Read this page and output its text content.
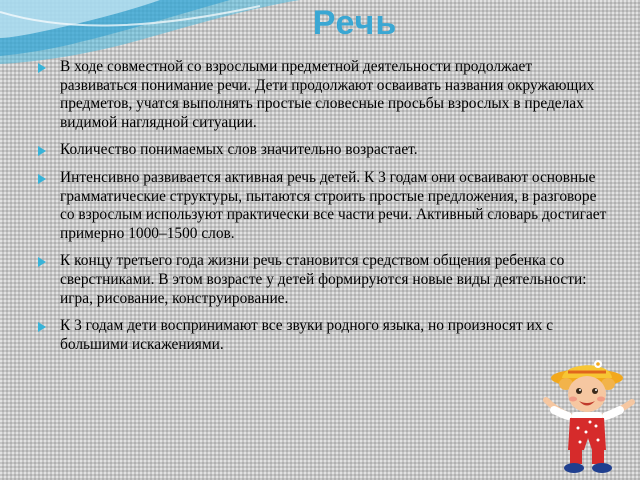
Речь
В ходе совместной со взрослыми предметной деятельности продолжает развиваться понимание речи. Дети продолжают осваивать названия окружающих предметов, учатся выполнять простые словесные просьбы взрослых в пределах видимой наглядной ситуации.
Количество понимаемых слов значительно возрастает.
Интенсивно развивается активная речь детей. К 3 годам они осваивают основные грамматические структуры, пытаются строить простые предложения, в разговоре со взрослым используют практически все части речи. Активный словарь достигает примерно 1000–1500 слов.
К концу третьего года жизни речь становится средством общения ребенка со сверстниками. В этом возрасте у детей формируются новые виды деятельности: игра, рисование, конструирование.
К 3 годам дети воспринимают все звуки родного языка, но произносят их с большими искажениями.
